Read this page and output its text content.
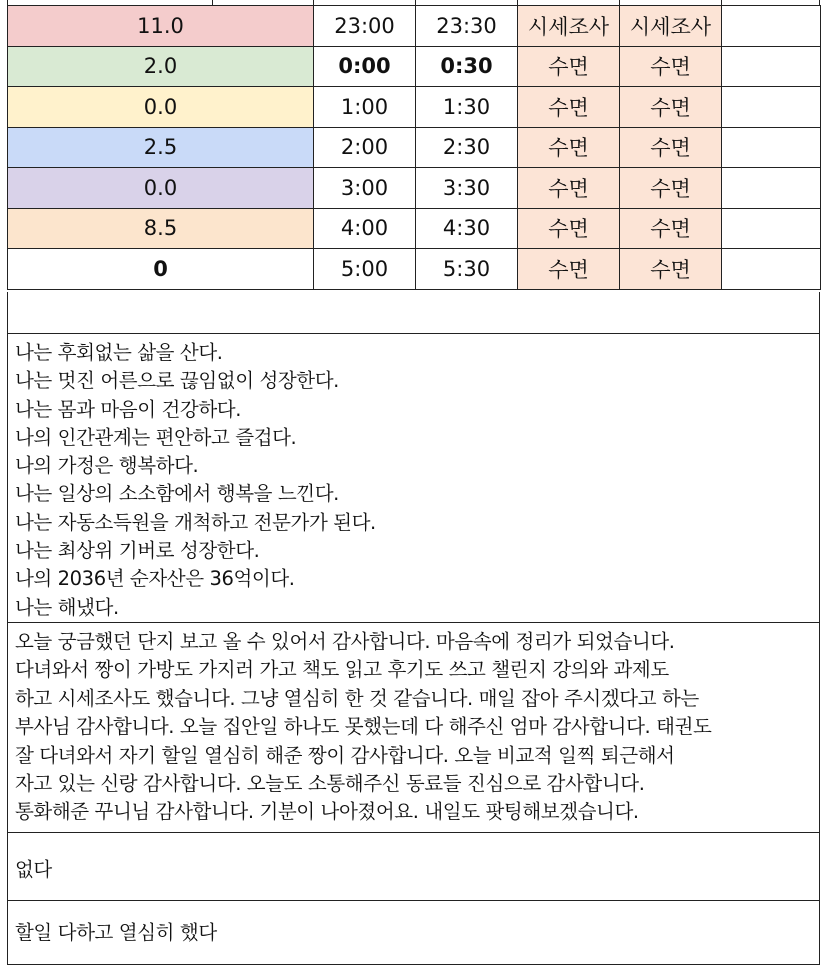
11.0	23:00	23:30	시세조사	시세조사	
2.0	0:00	0:30	수면	수면	
0.0	1:00	1:30	수면	수면	
2.5	2:00	2:30	수면	수면	
0.0	3:00	3:30	수면	수면	
8.5	4:00	4:30	수면	수면	
0	5:00	5:30	수면	수면	
나는 후회없는 삶을 산다.
나는 멋진 어른으로 끊임없이 성장한다.
나는 몸과 마음이 건강하다.
나의 인간관계는 편안하고 즐겁다.
나의 가정은 행복하다.
나는 일상의 소소함에서 행복을 느낀다.
나는 자동소득원을 개척하고 전문가가 된다.
나는 최상위 기버로 성장한다.
나의 2036년 순자산은 36억이다.
나는 해냈다.
오늘 궁금했던 단지 보고 올 수 있어서 감사합니다. 마음속에 정리가 되었습니다.
다녀와서 짱이 가방도 가지러 가고 책도 읽고 후기도 쓰고 챌린지 강의와 과제도
하고 시세조사도 했습니다. 그냥 열심히 한 것 같습니다. 매일 잡아 주시겠다고 하는
부사님 감사합니다. 오늘 집안일 하나도 못했는데 다 해주신 엄마 감사합니다. 태권도
잘 다녀와서 자기 할일 열심히 해준 짱이 감사합니다. 오늘 비교적 일찍 퇴근해서
자고 있는 신랑 감사합니다. 오늘도 소통해주신 동료들 진심으로 감사합니다.
통화해준 꾸니님 감사합니다. 기분이 나아졌어요. 내일도 팟팅해보겠습니다.
없다
할일 다하고 열심히 했다
